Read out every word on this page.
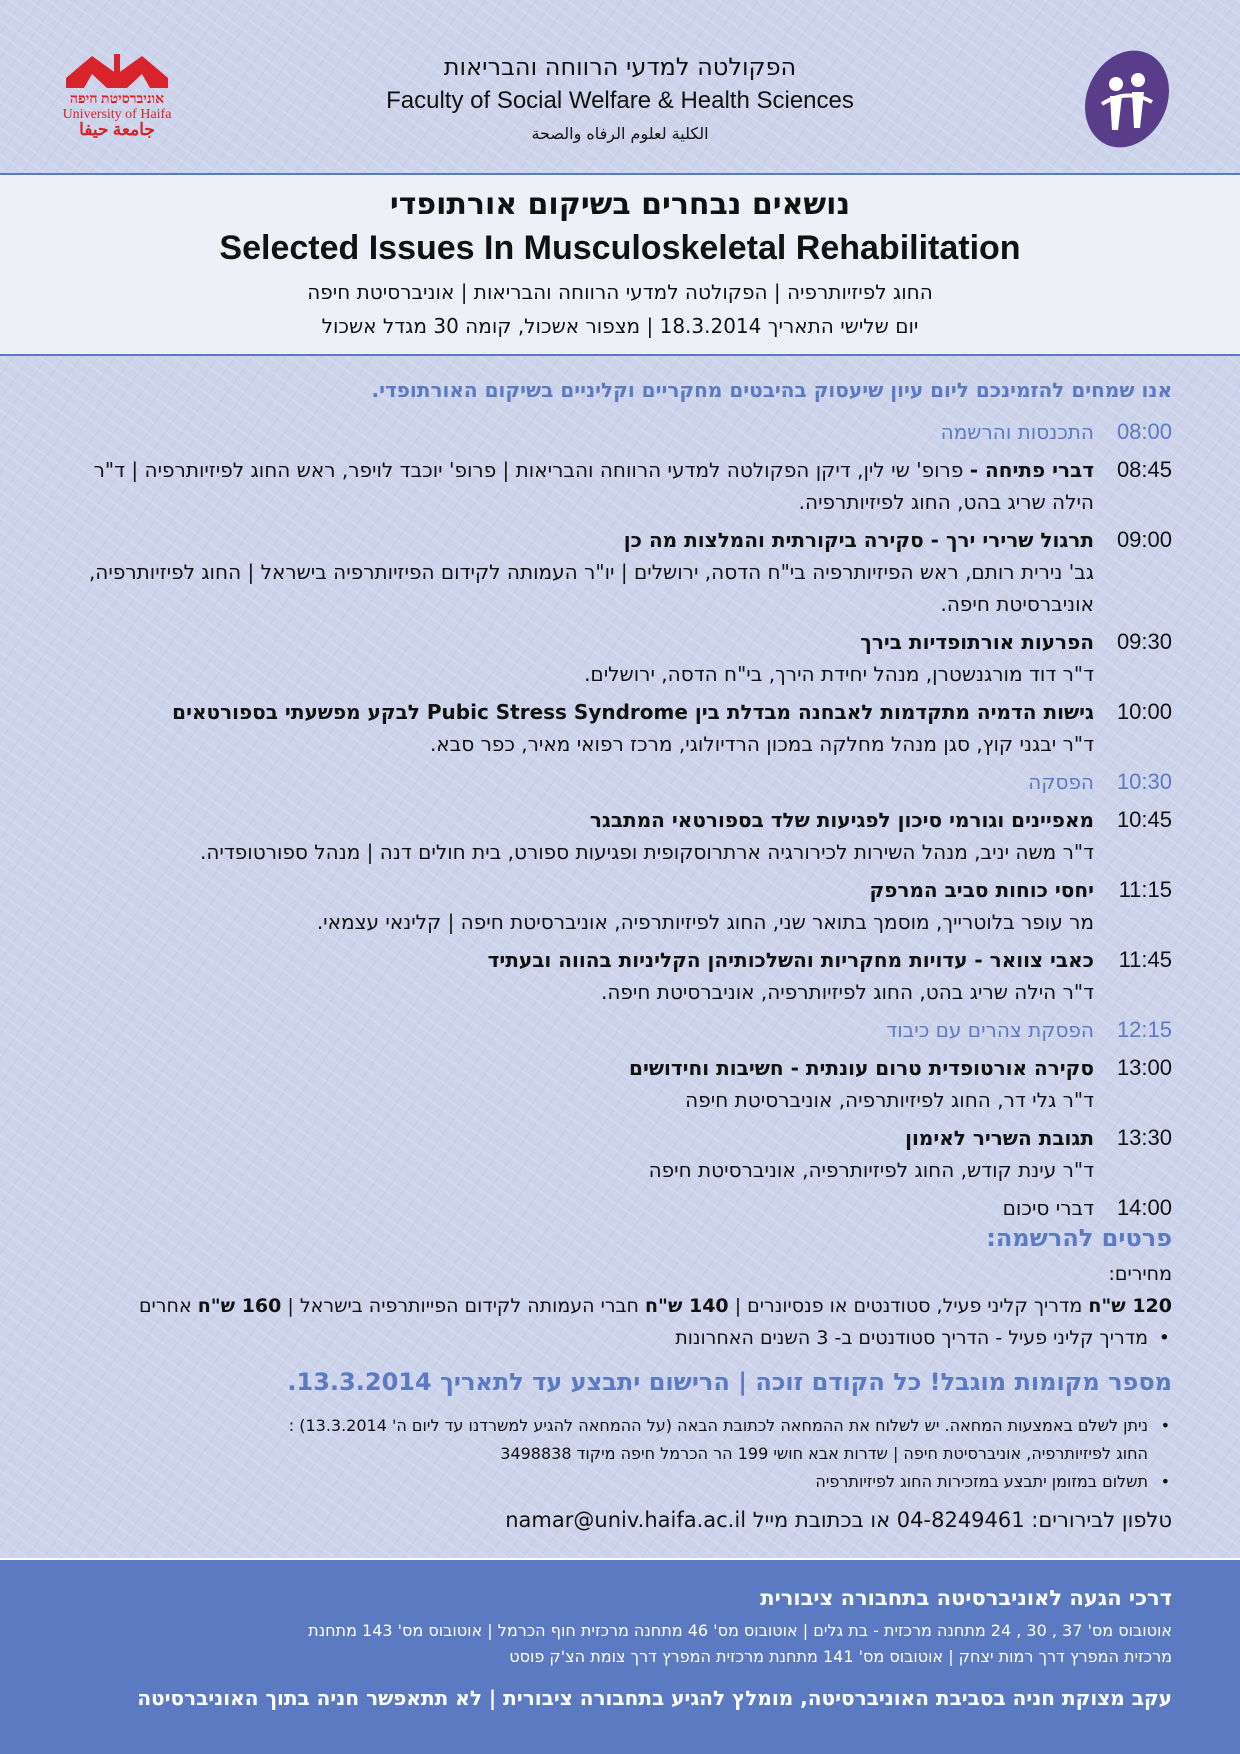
אוניברסיטת חיפה
University of Haifa
جامعة حيفا
הפקולטה למדעי הרווחה והבריאות
Faculty of Social Welfare & Health Sciences
الكلية لعلوم الرفاه والصحة
נושאים נבחרים בשיקום אורתופדי
Selected Issues In Musculoskeletal Rehabilitation
החוג לפיזיותרפיה | הפקולטה למדעי הרווחה והבריאות | אוניברסיטת חיפה
יום שלישי התאריך 18.3.2014 | מצפור אשכול, קומה 30 מגדל אשכול
אנו שמחים להזמינכם ליום עיון שיעסוק בהיבטים מחקריים וקליניים בשיקום האורתופדי.
08:00
התכנסות והרשמה
08:45
דברי פתיחה - פרופ' שי לין, דיקן הפקולטה למדעי הרווחה והבריאות | פרופ' יוכבד לויפר, ראש החוג לפיזיותרפיה | ד"ר הילה שריג בהט, החוג לפיזיותרפיה.
09:00
תרגול שרירי ירך - סקירה ביקורתית והמלצות מה כן
גב' נירית רותם, ראש הפיזיותרפיה בי"ח הדסה, ירושלים | יו"ר העמותה לקידום הפיזיותרפיה בישראל | החוג לפיזיותרפיה, אוניברסיטת חיפה.
09:30
הפרעות אורתופדיות בירך
ד"ר דוד מורגנשטרן, מנהל יחידת הירך, בי"ח הדסה, ירושלים.
10:00
גישות הדמיה מתקדמות לאבחנה מבדלת בין Pubic Stress Syndrome לבקע מפשעתי בספורטאים
ד"ר יבגני קוץ, סגן מנהל מחלקה במכון הרדיולוגי, מרכז רפואי מאיר, כפר סבא.
10:30
הפסקה
10:45
מאפיינים וגורמי סיכון לפגיעות שלד בספורטאי המתבגר
ד"ר משה יניב, מנהל השירות לכירורגיה ארתרוסקופית ופגיעות ספורט, בית חולים דנה | מנהל ספורטופדיה.
11:15
יחסי כוחות סביב המרפק
מר עופר בלוטרייך, מוסמך בתואר שני, החוג לפיזיותרפיה, אוניברסיטת חיפה | קלינאי עצמאי.
11:45
כאבי צוואר - עדויות מחקריות והשלכותיהן הקליניות בהווה ובעתיד
ד"ר הילה שריג בהט, החוג לפיזיותרפיה, אוניברסיטת חיפה.
12:15
הפסקת צהרים עם כיבוד
13:00
סקירה אורטופדית טרום עונתית - חשיבות וחידושים
ד"ר גלי דר, החוג לפיזיותרפיה, אוניברסיטת חיפה
13:30
תגובת השריר לאימון
ד"ר עינת קודש, החוג לפיזיותרפיה, אוניברסיטת חיפה
14:00
דברי סיכום
פרטים להרשמה:
מחירים:
120 ש"ח מדריך קליני פעיל, סטודנטים או פנסיונרים | 140 ש"ח חברי העמותה לקידום הפייותרפיה בישראל | 160 ש"ח אחרים
• מדריך קליני פעיל - הדריך סטודנטים ב- 3 השנים האחרונות
מספר מקומות מוגבל! כל הקודם זוכה | הרישום יתבצע עד לתאריך 13.3.2014.
• ניתן לשלם באמצעות המחאה. יש לשלוח את ההמחאה לכתובת הבאה (על ההמחאה להגיע למשרדנו עד ליום ה' 13.3.2014) :
החוג לפיזיותרפיה, אוניברסיטת חיפה | שדרות אבא חושי 199 הר הכרמל חיפה מיקוד 3498838
• תשלום במזומן יתבצע במזכירות החוג לפיזיותרפיה
טלפון לבירורים: 04-8249461 או בכתובת מייל namar@univ.haifa.ac.il
דרכי הגעה לאוניברסיטה בתחבורה ציבורית
אוטובוס מס' 37 , 30 , 24 מתחנה מרכזית - בת גלים | אוטובוס מס' 46 מתחנה מרכזית חוף הכרמל | אוטובוס מס' 143 מתחנת
מרכזית המפרץ דרך רמות יצחק | אוטובוס מס' 141 מתחנת מרכזית המפרץ דרך צומת הצ'ק פוסט
עקב מצוקת חניה בסביבת האוניברסיטה, מומלץ להגיע בתחבורה ציבורית | לא תתאפשר חניה בתוך האוניברסיטה
